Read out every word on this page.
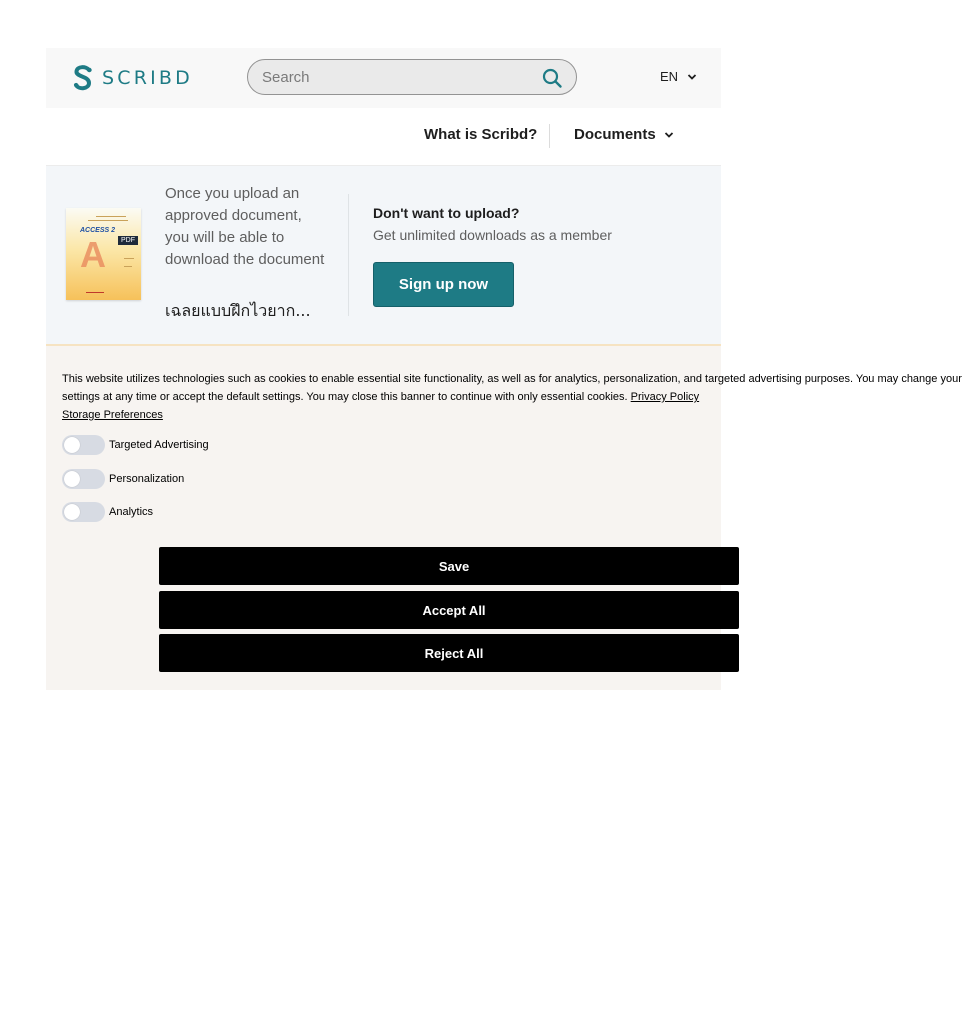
SCRIBD
Search	EN
What is Scribd? Documents
ACCESS 2
A	PDF
Once you upload an approved document, you will be able to download the document
เฉลยแบบฝึกไวยาก...
Don't want to upload?
Get unlimited downloads as a member
Sign up now
This website utilizes technologies such as cookies to enable essential site functionality, as well as for analytics, personalization, and targeted advertising purposes. You may change your
settings at any time or accept the default settings. You may close this banner to continue with only essential cookies. Privacy Policy
Storage Preferences
Targeted Advertising
Personalization
Analytics
Save
Accept All
Reject All
